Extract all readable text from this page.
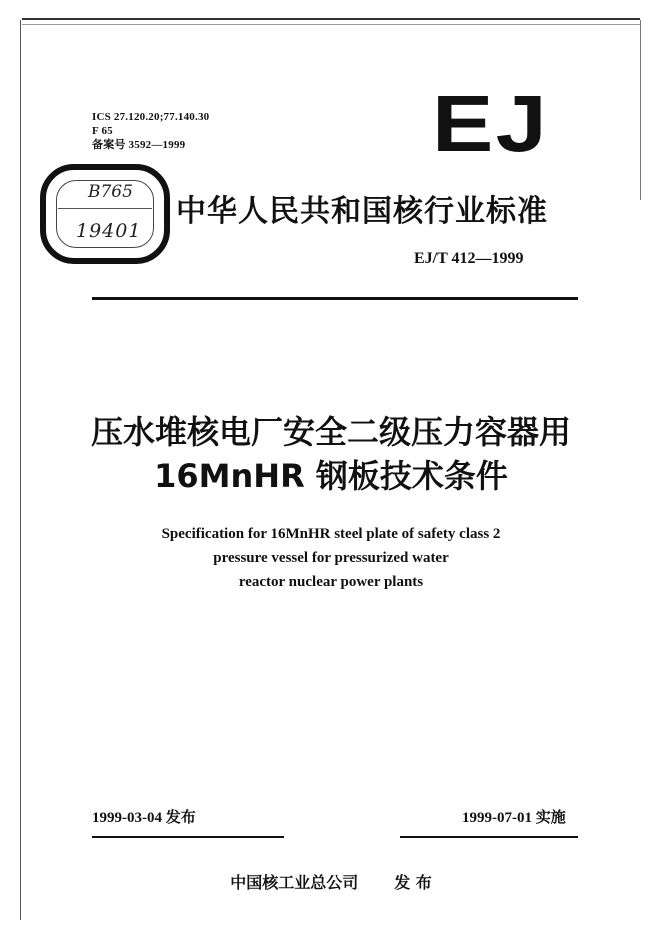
ICS 27.120.20;77.140.30
F 65
备案号 3592—1999	EJ
B765
19401
中华人民共和国核行业标准
EJ/T 412—1999
压水堆核电厂安全二级压力容器用
16MnHR 钢板技术条件
Specification for 16MnHR steel plate of safety class 2
pressure vessel for pressurized water
reactor nuclear power plants
1999-03-04 发布	1999-07-01 实施
中国核工业总公司 发 布
